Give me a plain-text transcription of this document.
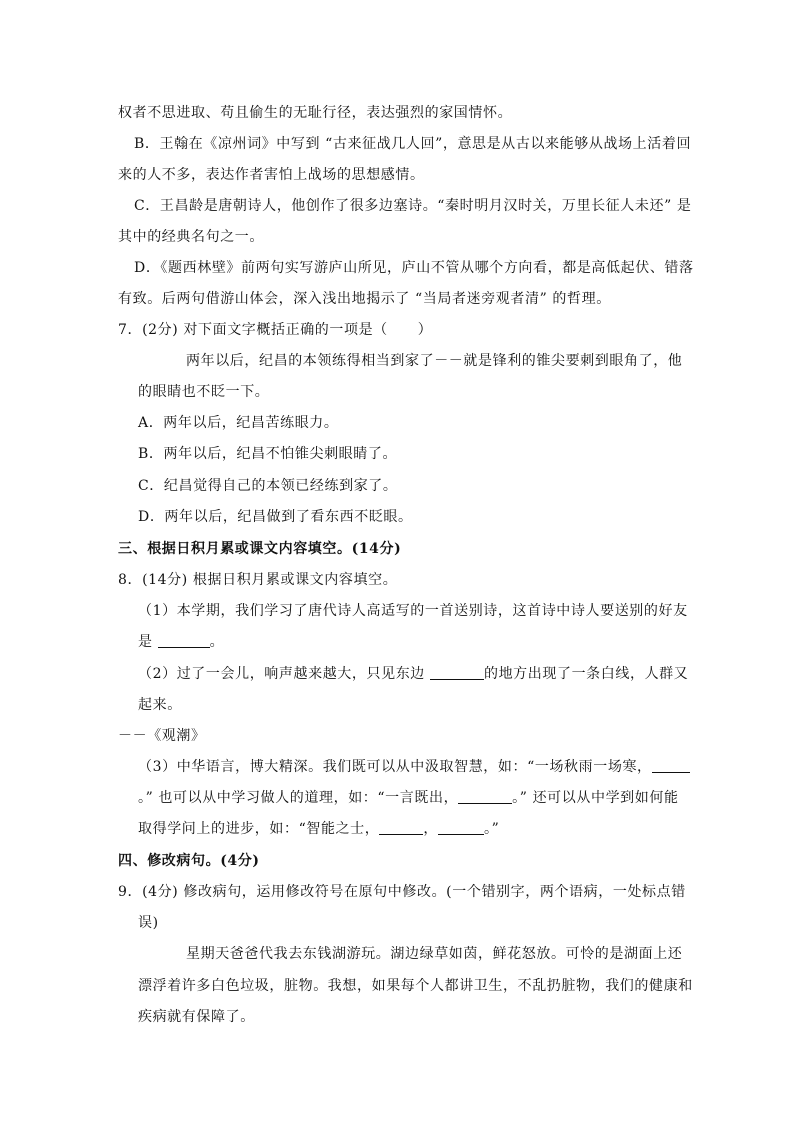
权者不思进取、苟且偷生的无耻行径，表达强烈的家国情怀。

B．王翰在《凉州词》中写到 “古来征战几人回”，意思是从古以来能够从战场上活着回

来的人不多，表达作者害怕上战场的思想感情。

C．王昌龄是唐朝诗人，他创作了很多边塞诗。“秦时明月汉时关，万里长征人未还” 是

其中的经典名句之一。

D．《题西林壁》前两句实写游庐山所见，庐山不管从哪个方向看，都是高低起伏、错落

有致。后两句借游山体会，深入浅出地揭示了 “当局者迷旁观者清” 的哲理。

7．(2分) 对下面文字概括正确的一项是（ ）

两年以后，纪昌的本领练得相当到家了－－就是锋利的锥尖要刺到眼角了，他

的眼睛也不眨一下。

A．两年以后，纪昌苦练眼力。

B．两年以后，纪昌不怕锥尖刺眼睛了。

C．纪昌觉得自己的本领已经练到家了。

D．两年以后，纪昌做到了看东西不眨眼。

三、根据日积月累或课文内容填空。(14分)

8．(14分) 根据日积月累或课文内容填空。

（1）本学期，我们学习了唐代诗人高适写的一首送别诗，这首诗中诗人要送别的好友

是	。

（2）过了一会儿，响声越来越大，只见东边	的地方出现了一条白线，人群又

起来。

－－《观潮》

（3）中华语言，博大精深。我们既可以从中汲取智慧，如：“一场秋雨一场寒，

。” 也可以从中学习做人的道理，如：“一言既出，	。” 还可以从中学到如何能

取得学问上的进步，如：“智能之士，	，	。”

四、修改病句。(4分)

9．(4分) 修改病句，运用修改符号在原句中修改。(一个错别字，两个语病，一处标点错

误)

星期天爸爸代我去东钱湖游玩。湖边绿草如茵，鲜花怒放。可怜的是湖面上还

漂浮着许多白色垃圾，脏物。我想，如果每个人都讲卫生，不乱扔脏物，我们的健康和

疾病就有保障了。
